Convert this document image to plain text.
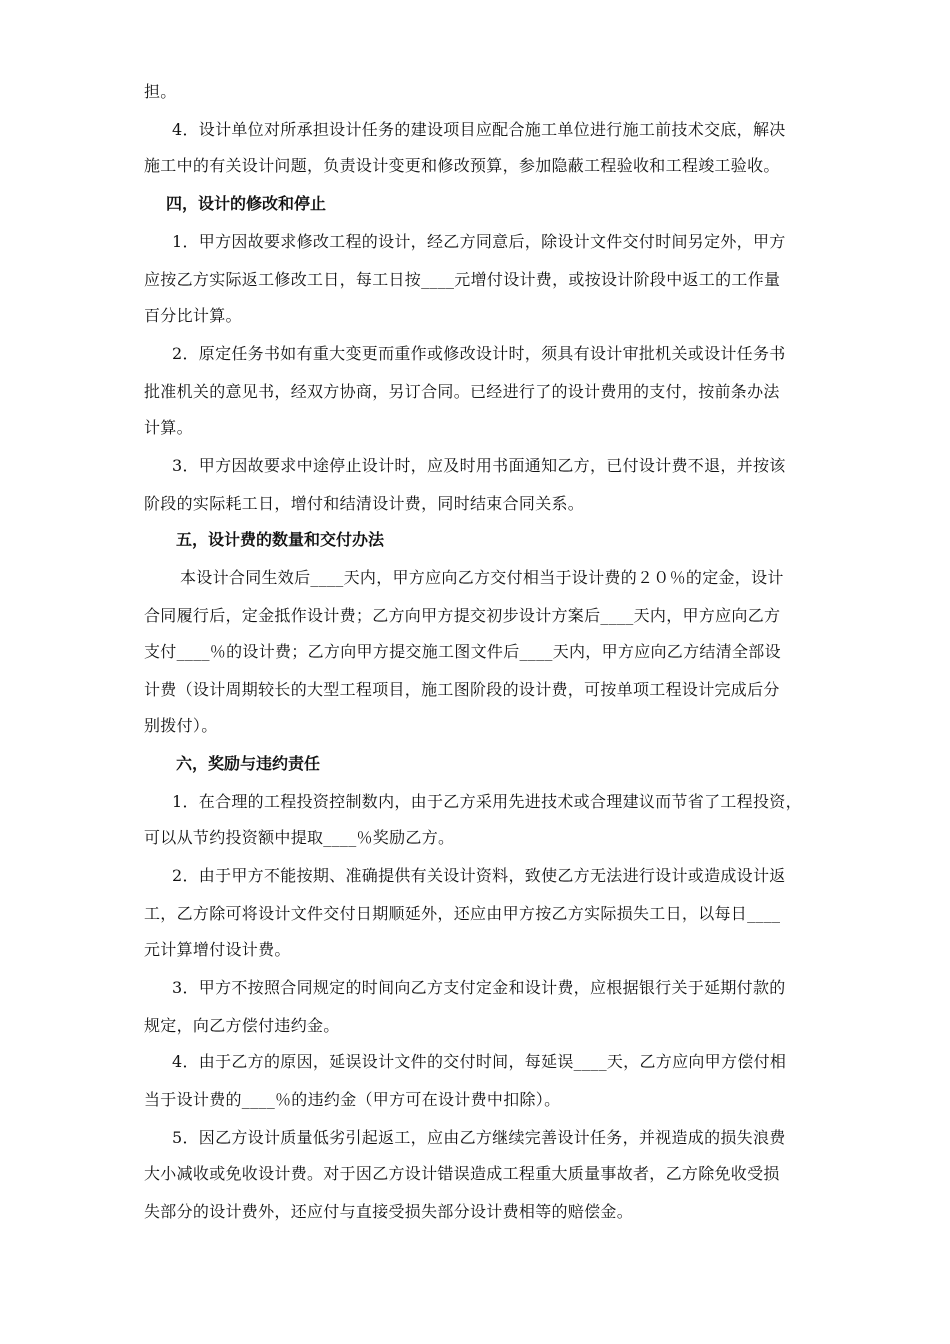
担。
4．设计单位对所承担设计任务的建设项目应配合施工单位进行施工前技术交底，解决
施工中的有关设计问题，负责设计变更和修改预算，参加隐蔽工程验收和工程竣工验收。
四，设计的修改和停止
1．甲方因故要求修改工程的设计，经乙方同意后，除设计文件交付时间另定外，甲方
应按乙方实际返工修改工日，每工日按____元增付设计费，或按设计阶段中返工的工作量
百分比计算。
2．原定任务书如有重大变更而重作或修改设计时，须具有设计审批机关或设计任务书
批准机关的意见书，经双方协商，另订合同。已经进行了的设计费用的支付，按前条办法
计算。
3．甲方因故要求中途停止设计时，应及时用书面通知乙方，已付设计费不退，并按该
阶段的实际耗工日，增付和结清设计费，同时结束合同关系。
五，设计费的数量和交付办法
本设计合同生效后____天内，甲方应向乙方交付相当于设计费的２０％的定金，设计
合同履行后，定金抵作设计费；乙方向甲方提交初步设计方案后____天内，甲方应向乙方
支付____％的设计费；乙方向甲方提交施工图文件后____天内，甲方应向乙方结清全部设
计费（设计周期较长的大型工程项目，施工图阶段的设计费，可按单项工程设计完成后分
别拨付）。
六，奖励与违约责任
1．在合理的工程投资控制数内，由于乙方采用先进技术或合理建议而节省了工程投资，
可以从节约投资额中提取____％奖励乙方。
2．由于甲方不能按期、准确提供有关设计资料，致使乙方无法进行设计或造成设计返
工，乙方除可将设计文件交付日期顺延外，还应由甲方按乙方实际损失工日，以每日____
元计算增付设计费。
3．甲方不按照合同规定的时间向乙方支付定金和设计费，应根据银行关于延期付款的
规定，向乙方偿付违约金。
4．由于乙方的原因，延误设计文件的交付时间，每延误____天，乙方应向甲方偿付相
当于设计费的____％的违约金（甲方可在设计费中扣除）。
5．因乙方设计质量低劣引起返工，应由乙方继续完善设计任务，并视造成的损失浪费
大小减收或免收设计费。对于因乙方设计错误造成工程重大质量事故者，乙方除免收受损
失部分的设计费外，还应付与直接受损失部分设计费相等的赔偿金。
